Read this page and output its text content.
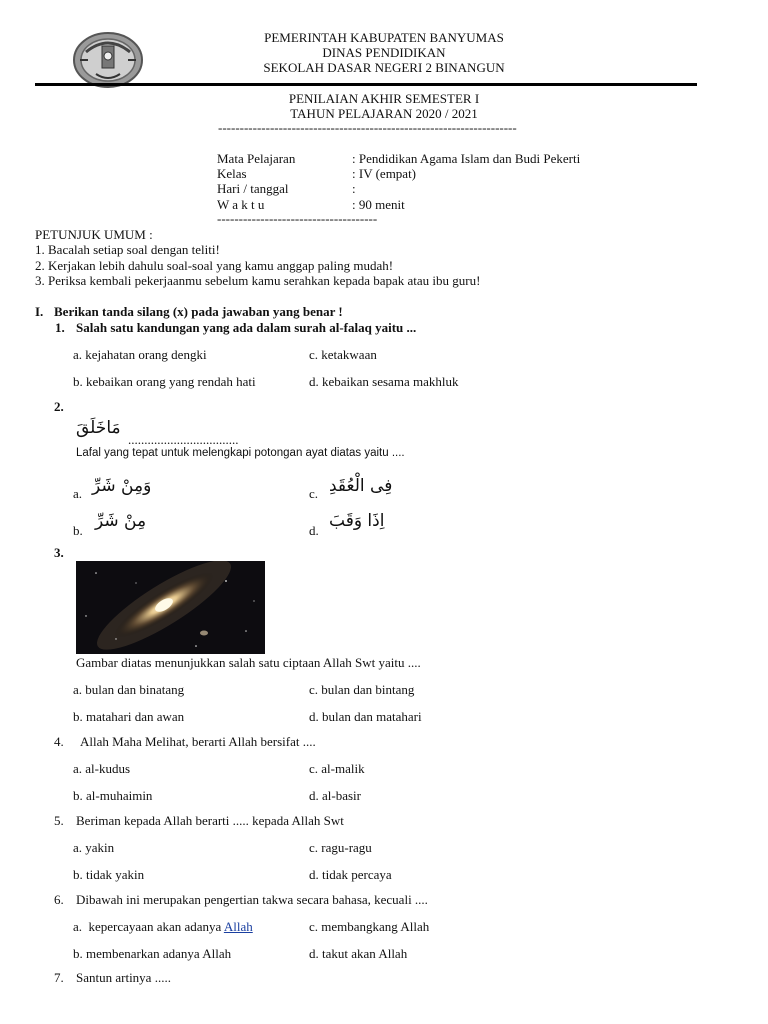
PEMERINTAH KABUPATEN BANYUMAS
DINAS PENDIDIKAN
SEKOLAH DASAR NEGERI 2 BINANGUN
PENILAIAN AKHIR SEMESTER I
TAHUN PELAJARAN 2020 / 2021
---------------------------------------------------------------------
Mata Pelajaran	: Pendidikan Agama Islam dan Budi Pekerti
Kelas	: IV (empat)
Hari / tanggal	:
W a k t u	: 90 menit
-------------------------------------
PETUNJUK UMUM :
1. Bacalah setiap soal dengan teliti!
2. Kerjakan lebih dahulu soal-soal yang kamu anggap paling mudah!
3. Periksa kembali pekerjaanmu sebelum kamu serahkan kepada bapak atau ibu guru!
I. Berikan tanda silang (x) pada jawaban yang benar !
1. Salah satu kandungan yang ada dalam surah al-falaq yaitu ...
a. kejahatan orang dengki	c. ketakwaan
b. kebaikan orang yang rendah hati	d. kebaikan sesama makhluk
2.
مَاخَلَقَ
..................................
Lafal yang tepat untuk melengkapi potongan ayat diatas yaitu ....
a. وَمِنْ شَرِّ	c. فِى الْعُقَدِ
b. مِنْ شَرِّ	d. اِذَا وَقَبَ
3.
Gambar diatas menunjukkan salah satu ciptaan Allah Swt yaitu ....
a. bulan dan binatang	c. bulan dan bintang
b. matahari dan awan	d. bulan dan matahari
4. Allah Maha Melihat, berarti Allah bersifat ....
a. al-kudus	c. al-malik
b. al-muhaimin	d. al-basir
5. Beriman kepada Allah berarti ..... kepada Allah Swt
a. yakin	c. ragu-ragu
b. tidak yakin	d. tidak percaya
6. Dibawah ini merupakan pengertian takwa secara bahasa, kecuali ....
a.  kepercayaan akan adanya Allah	c. membangkang Allah
b. membenarkan adanya Allah	d. takut akan Allah
7. Santun artinya .....
